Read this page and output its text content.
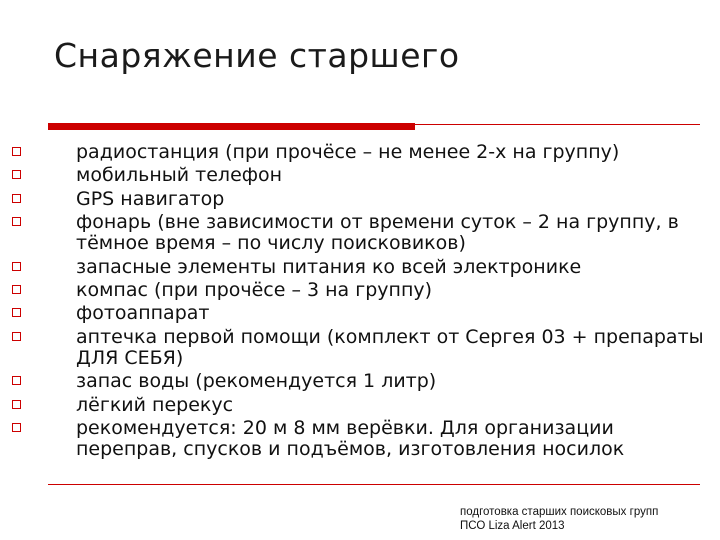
Снаряжение старшего
радиостанция (при прочёсе – не менее 2-х на группу)
мобильный телефон
GPS навигатор
фонарь (вне зависимости от времени суток – 2 на группу, в тёмное время – по числу поисковиков)
запасные элементы питания ко всей электронике
компас (при прочёсе – 3 на группу)
фотоаппарат
аптечка первой помощи (комплект от Сергея 03 + препараты ДЛЯ СЕБЯ)
запас воды (рекомендуется 1 литр)
лёгкий перекус
рекомендуется: 20 м 8 мм верёвки. Для организации переправ, спусков и подъёмов, изготовления носилок
подготовка старших поисковых групп
ПСО Liza Alert 2013
